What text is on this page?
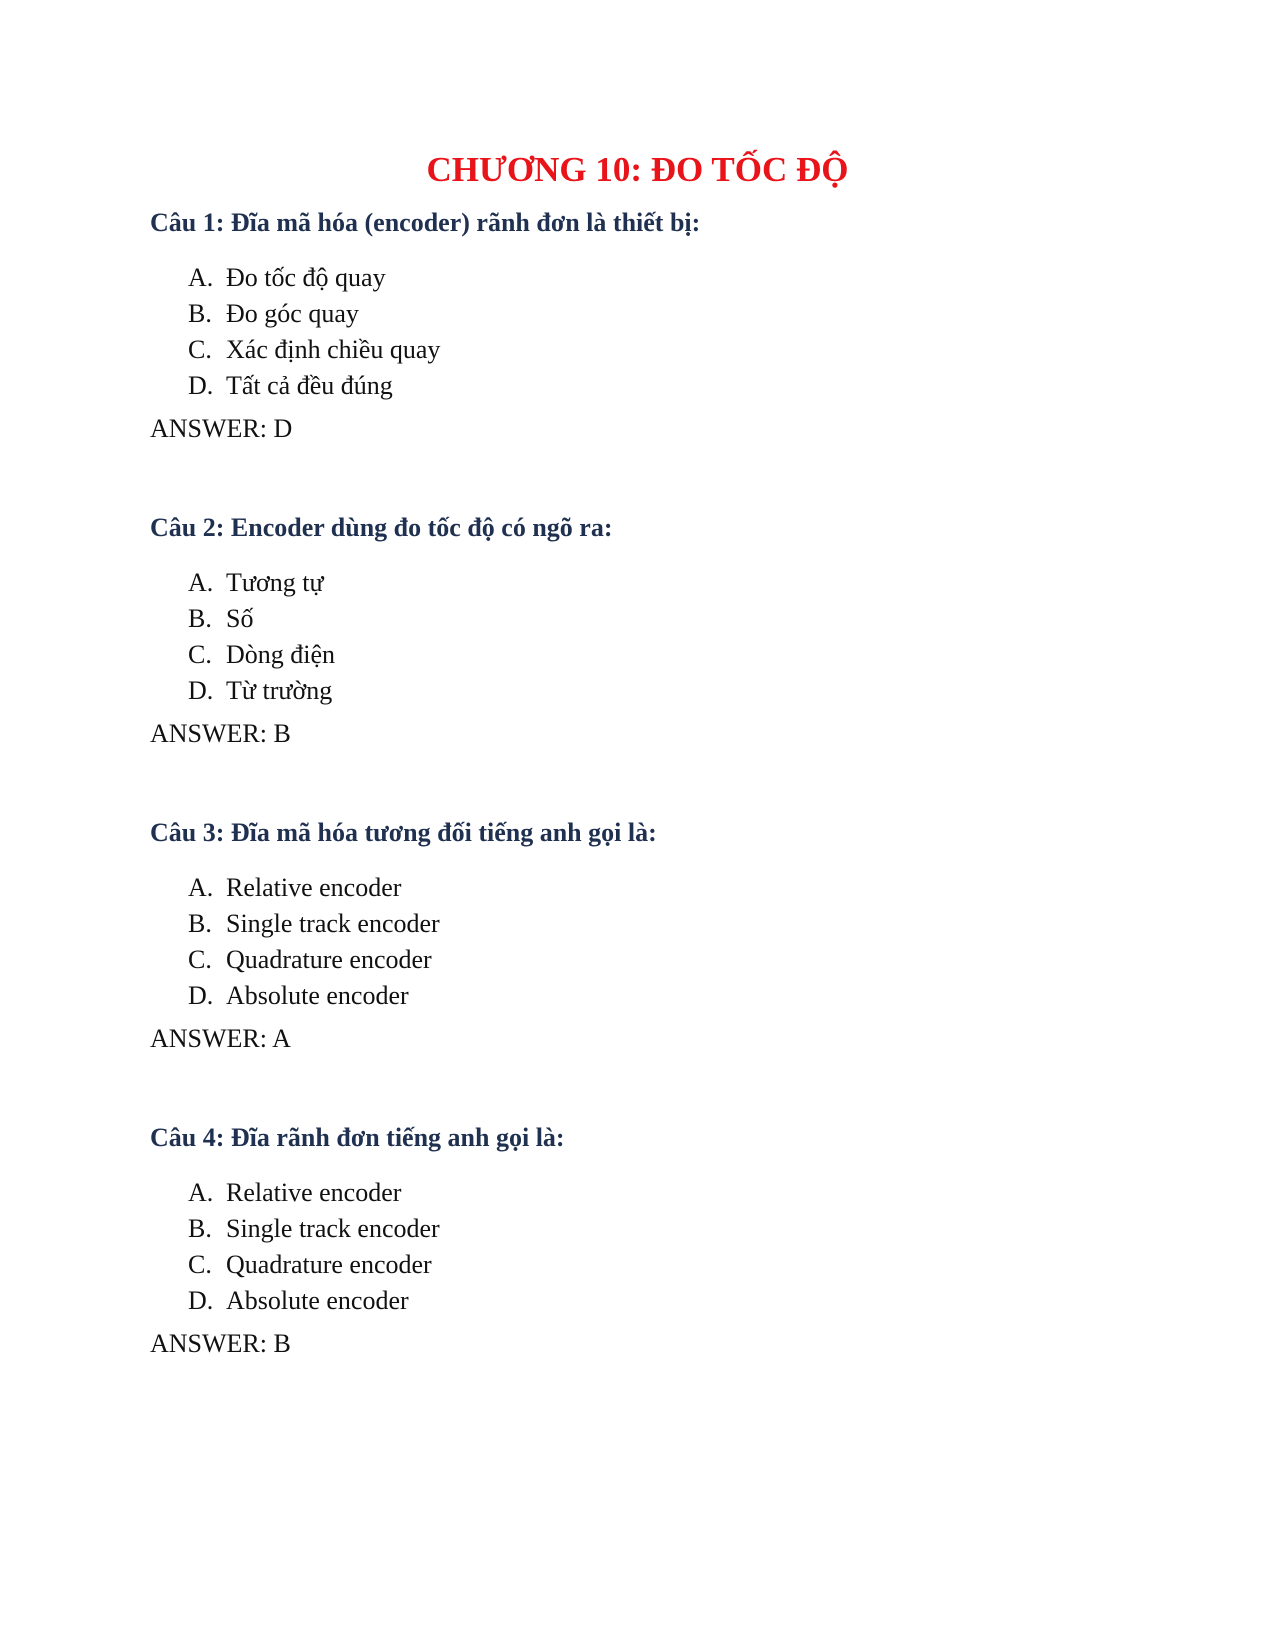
CHƯƠNG 10: ĐO TỐC ĐỘ

Câu 1: Đĩa mã hóa (encoder) rãnh đơn là thiết bị:

A. Đo tốc độ quay
B. Đo góc quay
C. Xác định chiều quay
D. Tất cả đều đúng
ANSWER: D

Câu 2: Encoder dùng đo tốc độ có ngõ ra:

A. Tương tự
B. Số
C. Dòng điện
D. Từ trường
ANSWER: B

Câu 3: Đĩa mã hóa tương đối tiếng anh gọi là:

A. Relative encoder
B. Single track encoder
C. Quadrature encoder
D. Absolute encoder
ANSWER: A

Câu 4: Đĩa rãnh đơn tiếng anh gọi là:

A. Relative encoder
B. Single track encoder
C. Quadrature encoder
D. Absolute encoder
ANSWER: B
